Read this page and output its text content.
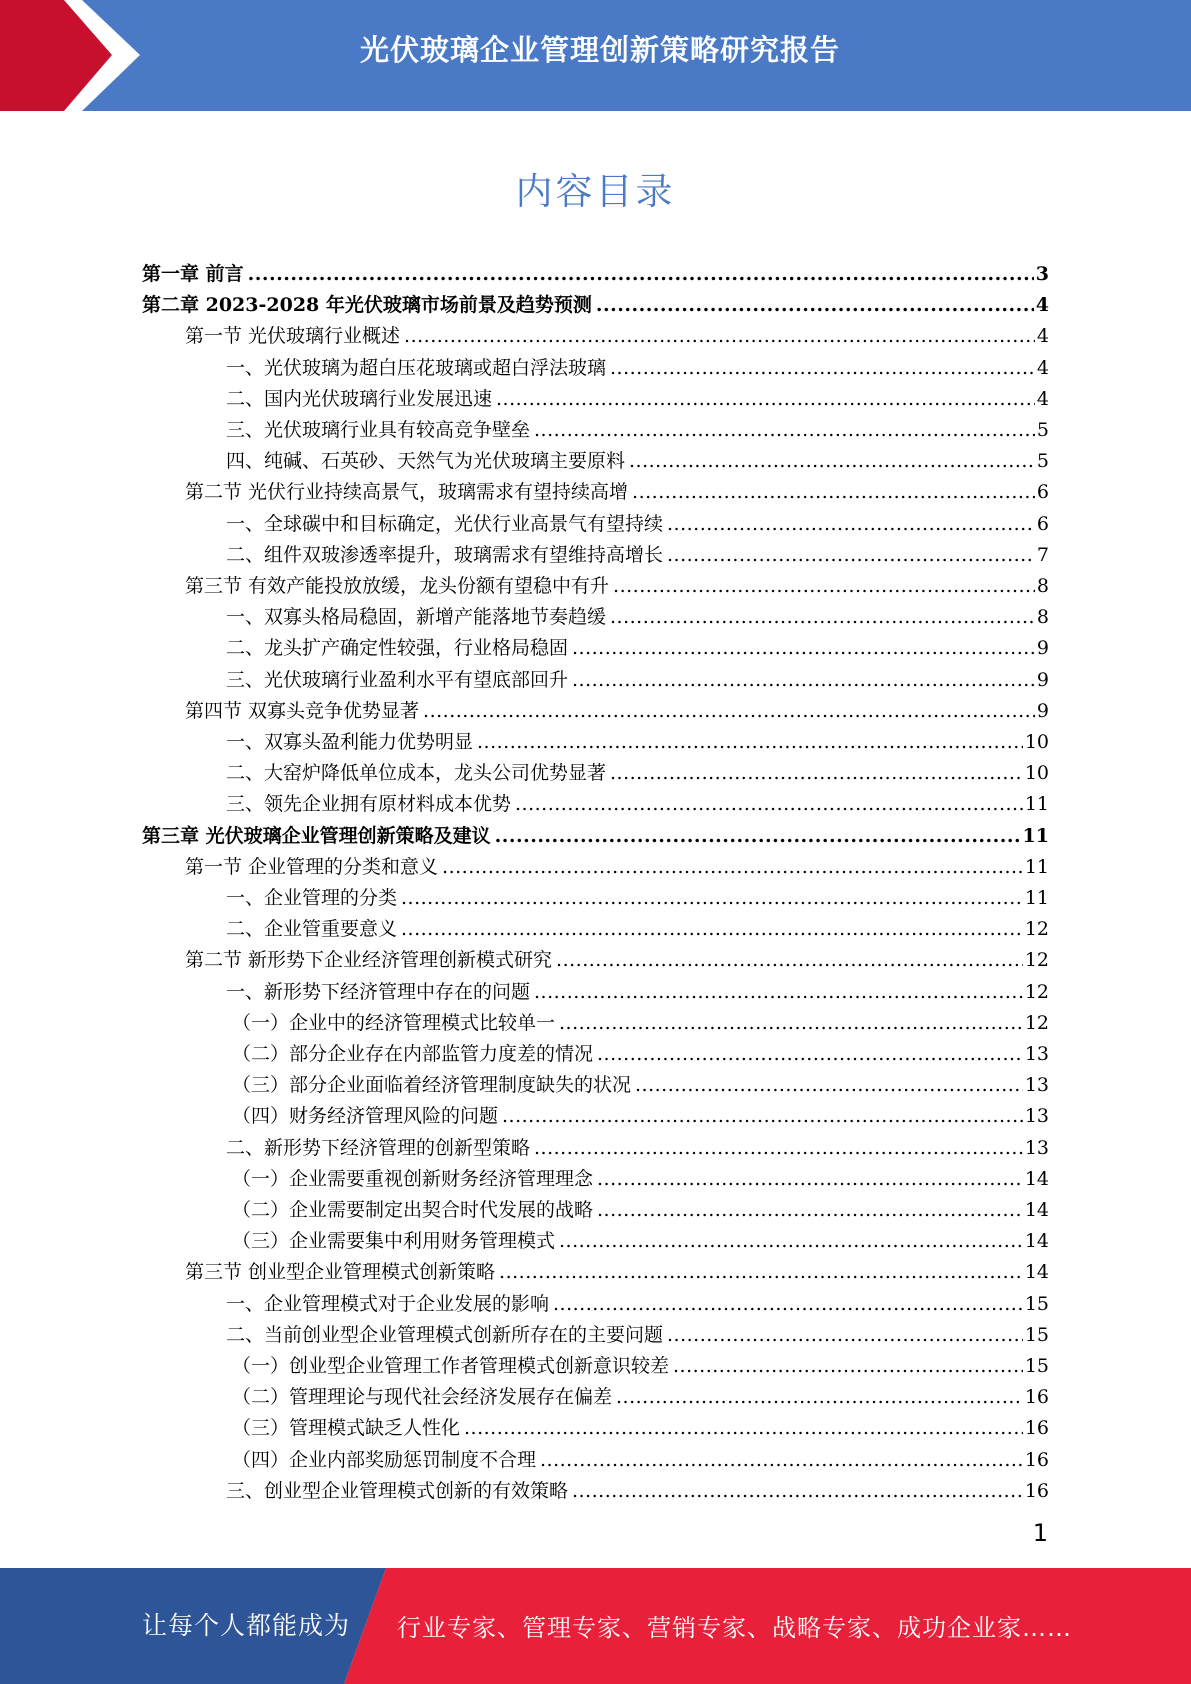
光伏玻璃企业管理创新策略研究报告
内容目录
第一章 前言 .....	3
第二章 2023-2028 年光伏玻璃市场前景及趋势预测 .....	4
第一节 光伏玻璃行业概述 .....	4
一、光伏玻璃为超白压花玻璃或超白浮法玻璃 .....	4
二、国内光伏玻璃行业发展迅速 .....	4
三、光伏玻璃行业具有较高竞争壁垒 .....	5
四、纯碱、石英砂、天然气为光伏玻璃主要原料 .....	5
第二节 光伏行业持续高景气，玻璃需求有望持续高增 .....	6
一、全球碳中和目标确定，光伏行业高景气有望持续 .....	6
二、组件双玻渗透率提升，玻璃需求有望维持高增长 .....	7
第三节 有效产能投放放缓，龙头份额有望稳中有升 .....	8
一、双寡头格局稳固，新增产能落地节奏趋缓 .....	8
二、龙头扩产确定性较强，行业格局稳固 .....	9
三、光伏玻璃行业盈利水平有望底部回升 .....	9
第四节 双寡头竞争优势显著 .....	9
一、双寡头盈利能力优势明显 .....	10
二、大窑炉降低单位成本，龙头公司优势显著 .....	10
三、领先企业拥有原材料成本优势 .....	11
第三章 光伏玻璃企业管理创新策略及建议 .....	11
第一节 企业管理的分类和意义 .....	11
一、企业管理的分类 .....	11
二、企业管重要意义 .....	12
第二节 新形势下企业经济管理创新模式研究 .....	12
一、新形势下经济管理中存在的问题 .....	12
（一）企业中的经济管理模式比较单一 .....	12
（二）部分企业存在内部监管力度差的情况 .....	13
（三）部分企业面临着经济管理制度缺失的状况 .....	13
（四）财务经济管理风险的问题 .....	13
二、新形势下经济管理的创新型策略 .....	13
（一）企业需要重视创新财务经济管理理念 .....	14
（二）企业需要制定出契合时代发展的战略 .....	14
（三）企业需要集中利用财务管理模式 .....	14
第三节 创业型企业管理模式创新策略 .....	14
一、企业管理模式对于企业发展的影响 .....	15
二、当前创业型企业管理模式创新所存在的主要问题 .....	15
（一）创业型企业管理工作者管理模式创新意识较差 .....	15
（二）管理理论与现代社会经济发展存在偏差 .....	16
（三）管理模式缺乏人性化 .....	16
（四）企业内部奖励惩罚制度不合理 .....	16
三、创业型企业管理模式创新的有效策略 .....	16
1
让每个人都能成为 行业专家、管理专家、营销专家、战略专家、成功企业家……
